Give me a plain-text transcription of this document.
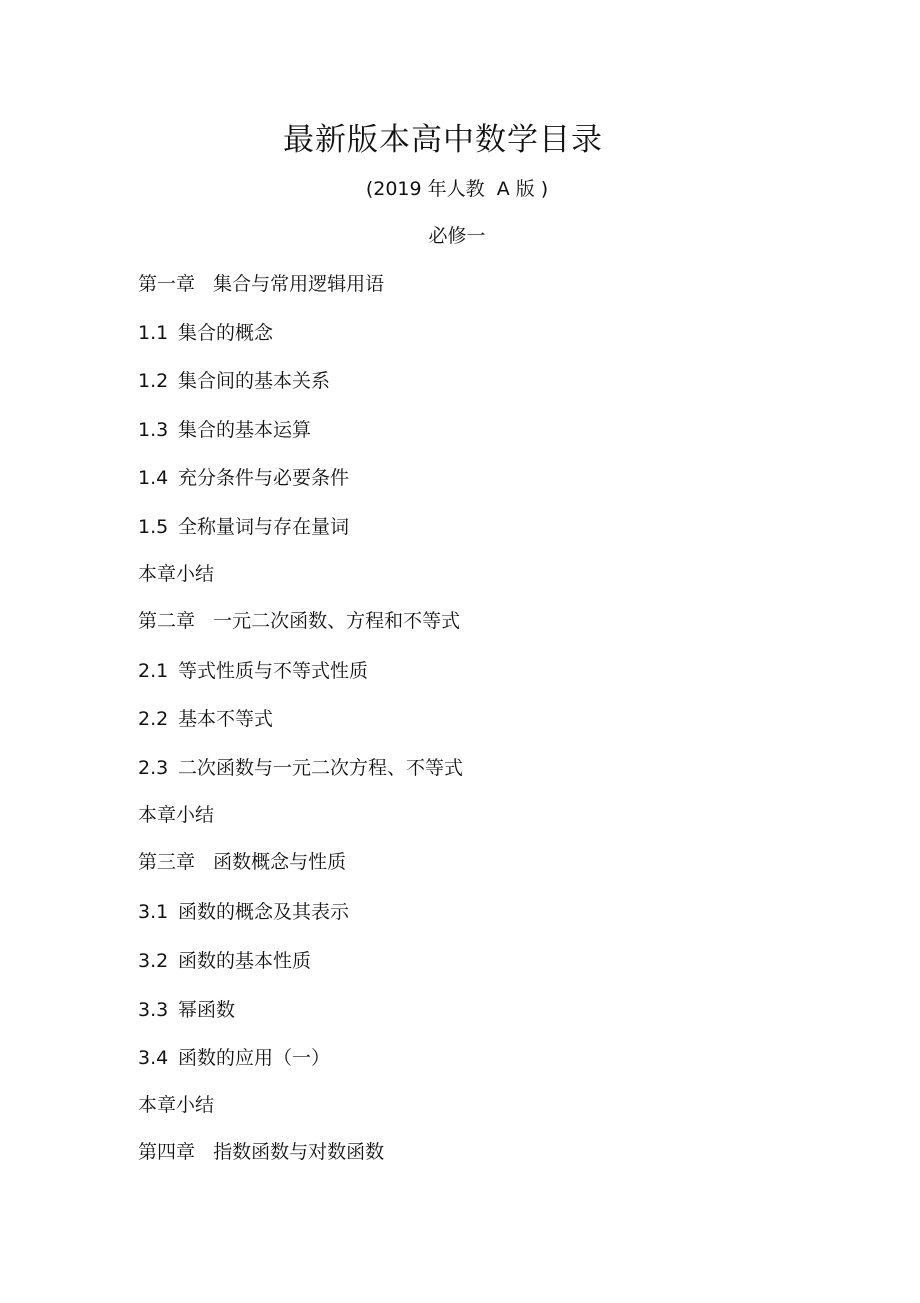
最新版本高中数学目录
(2019 年人教  A 版 )
必修一
第一章   集合与常用逻辑用语
1.1 集合的概念
1.2 集合间的基本关系
1.3 集合的基本运算
1.4 充分条件与必要条件
1.5 全称量词与存在量词
本章小结
第二章   一元二次函数、方程和不等式
2.1 等式性质与不等式性质
2.2 基本不等式
2.3 二次函数与一元二次方程、不等式
本章小结
第三章   函数概念与性质
3.1 函数的概念及其表示
3.2 函数的基本性质
3.3 幂函数
3.4 函数的应用（一）
本章小结
第四章   指数函数与对数函数
